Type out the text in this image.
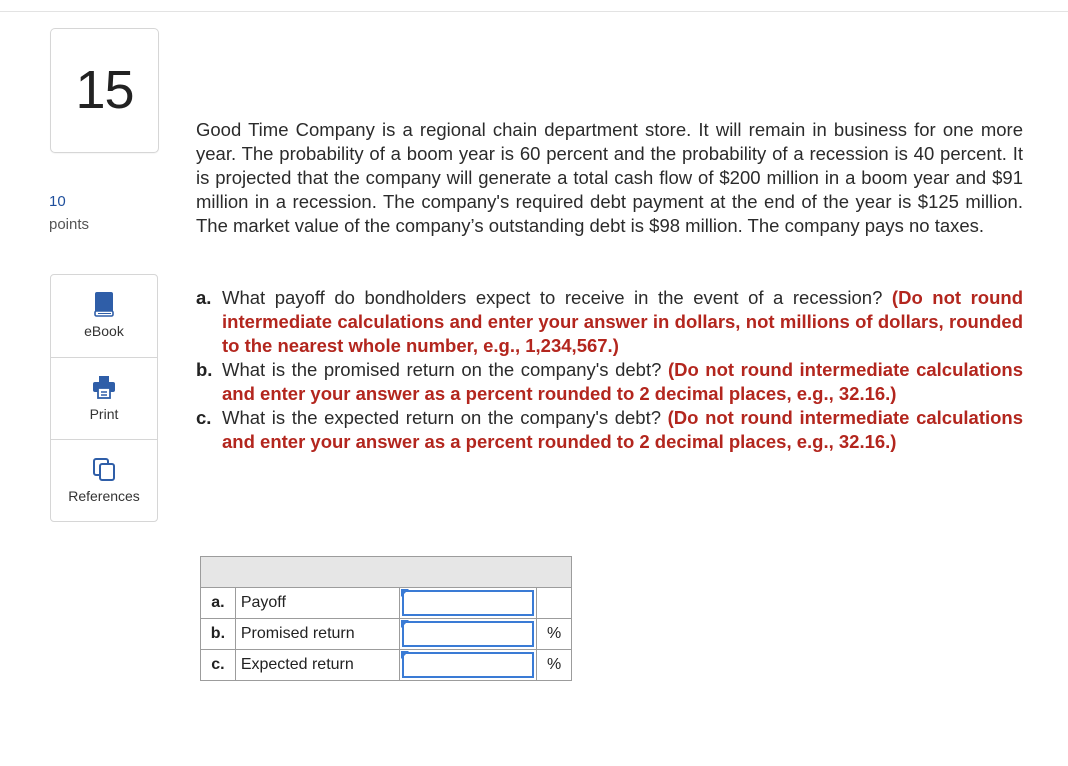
15
10
points
eBook
Print
References
Good Time Company is a regional chain department store. It will remain in business for one more year. The probability of a boom year is 60 percent and the probability of a recession is 40 percent. It is projected that the company will generate a total cash flow of $200 million in a boom year and $91 million in a recession. The company's required debt payment at the end of the year is $125 million. The market value of the company’s outstanding debt is $98 million. The company pays no taxes.
a. What payoff do bondholders expect to receive in the event of a recession? (Do not round intermediate calculations and enter your answer in dollars, not millions of dollars, rounded to the nearest whole number, e.g., 1,234,567.)
b. What is the promised return on the company's debt? (Do not round intermediate calculations and enter your answer as a percent rounded to 2 decimal places, e.g., 32.16.)
c. What is the expected return on the company's debt? (Do not round intermediate calculations and enter your answer as a percent rounded to 2 decimal places, e.g., 32.16.)

a.	Payoff	

b.	Promised return		%
c.	Expected return		%
